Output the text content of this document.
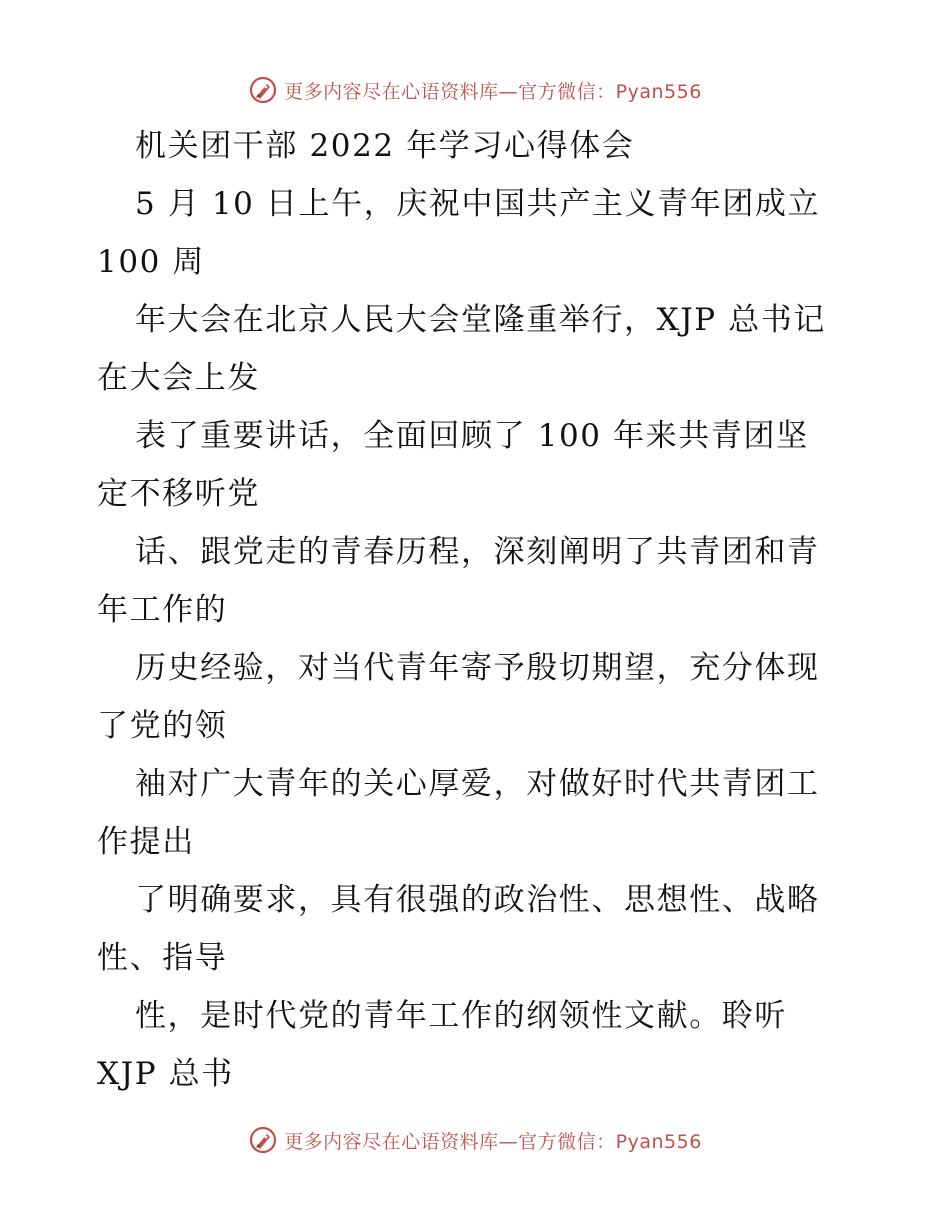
更多内容尽在心语资料库—官方微信：Pyan556
机关团干部 2022 年学习心得体会
5 月 10 日上午，庆祝中国共产主义青年团成立
100 周
年大会在北京人民大会堂隆重举行，XJP 总书记
在大会上发
表了重要讲话，全面回顾了 100 年来共青团坚
定不移听党
话、跟党走的青春历程，深刻阐明了共青团和青
年工作的
历史经验，对当代青年寄予殷切期望，充分体现
了党的领
袖对广大青年的关心厚爱，对做好时代共青团工
作提出
了明确要求，具有很强的政治性、思想性、战略
性、指导
性，是时代党的青年工作的纲领性文献。聆听
XJP 总书
更多内容尽在心语资料库—官方微信：Pyan556
